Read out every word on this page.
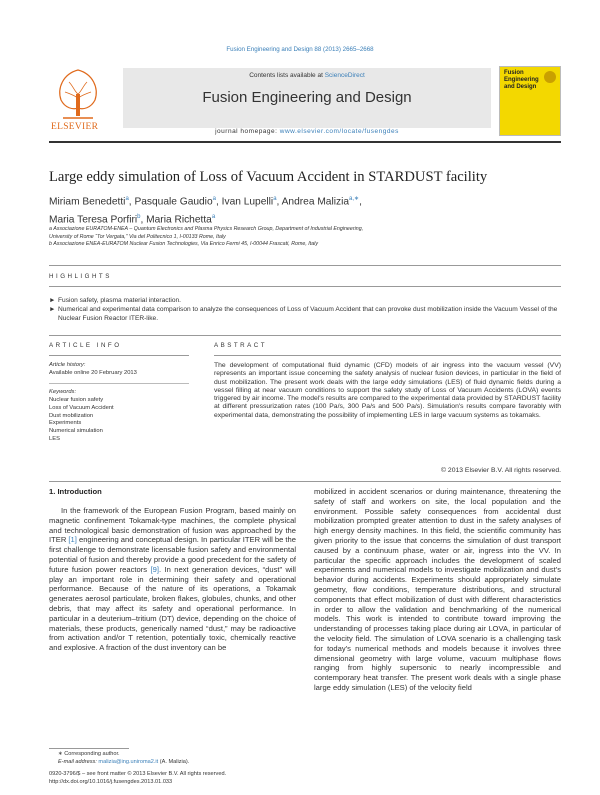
Fusion Engineering and Design 88 (2013) 2665–2668
ELSEVIER
Contents lists available at ScienceDirect
Fusion Engineering and Design
journal homepage: www.elsevier.com/locate/fusengdes
Fusion Engineering and Design
Large eddy simulation of Loss of Vacuum Accident in STARDUST facility
Miriam Benedetti$^a$, Pasquale Gaudio$^a$, Ivan Lupelli$^a$, Andrea Malizia$^{a,∗}$,
Maria Teresa Porfiri$^b$, Maria Richetta$^a$
a Associazione EURATOM-ENEA – Quantum Electronics and Plasma Physics Research Group, Department of Industrial Engineering,
University of Rome “Tor Vergata,” Via del Politecnico 1, I-00133 Rome, Italy
b Associazione ENEA-EURATOM Nuclear Fusion Technologies, Via Enrico Fermi 45, I-00044 Frascati, Rome, Italy
HIGHLIGHTS
► Fusion safety, plasma material interaction.
► Numerical and experimental data comparison to analyze the consequences of Loss of Vacuum Accident that can provoke dust mobilization inside the Vacuum Vessel of the Nuclear Fusion Reactor ITER-like.
ARTICLE INFO	ABSTRACT
Article history:
Available online 20 February 2013
Keywords:
Nuclear fusion safety
Loss of Vacuum Accident
Dust mobilization
Experiments
Numerical simulation
LES
The development of computational fluid dynamic (CFD) models of air ingress into the vacuum vessel (VV) represents an important issue concerning the safety analysis of nuclear fusion devices, in particular in the field of dust mobilization. The present work deals with the large eddy simulations (LES) of fluid dynamic fields during a vessel filling at near vacuum conditions to support the safety study of Loss of Vacuum Accidents (LOVA) events triggered by air income. The model's results are compared to the experimental data provided by STARDUST facility at different pressurization rates (100 Pa/s, 300 Pa/s and 500 Pa/s). Simulation's results compare favorably with experimental data, demonstrating the possibility of implementing LES in large vacuum systems as tokamaks.
© 2013 Elsevier B.V. All rights reserved.
1. Introduction
In the framework of the European Fusion Program, based mainly on magnetic confinement Tokamak-type machines, the complete physical and technological basic demonstration of fusion was approached by the ITER [1] engineering and conceptual design. In particular ITER will be the first challenge to demonstrate licensable fusion safety and environmental potential of fusion and thereby provide a good precedent for the safety of future fusion power reactors [9]. In next generation devices, “dust” will play an important role in determining their safety and operational performance. Because of the nature of its operations, a Tokamak generates aerosol particulate, broken flakes, globules, chunks, and other debris, that may affect its safety and operational performance. In particular in a deuterium–tritium (DT) device, depending on the choice of materials, these products, generically named “dust,” may be radioactive from activation and/or T retention, potentially toxic, chemically reactive and explosive. A fraction of the dust inventory can be
mobilized in accident scenarios or during maintenance, threatening the safety of staff and workers on site, the local population and the environment. Possible safety consequences from accidental dust mobilization prompted greater attention to dust in the safety analyses of high energy density machines. In this field, the scientific community has given priority to the issue that concerns the simulation of dust transport caused by a continuum phase, water or air, ingress into the VV. In particular the specific approach includes the development of scaled experiments and numerical models to investigate mobilization and dust's behavior during accidents. Experiments should appropriately simulate geometry, flow conditions, temperature distributions, and structural components that effect mobilization of dust with different characteristics in order to allow the validation and benchmarking of the numerical models. This work is intended to contribute toward improving the understanding of processes taking place during air LOVA, in particular of the velocity field. The simulation of LOVA scenario is a challenging task for today's numerical methods and models because it involves three dimensional geometry with large volume, vacuum multiphase flows ranging from highly supersonic to nearly incompressible and contemporary heat transfer. The present work deals with a single phase large eddy simulation (LES) of the velocity field
∗ Corresponding author.
E-mail address: malizia@ing.uniroma2.it (A. Malizia).
0920-3796/$ – see front matter © 2013 Elsevier B.V. All rights reserved.
http://dx.doi.org/10.1016/j.fusengdes.2013.01.033
